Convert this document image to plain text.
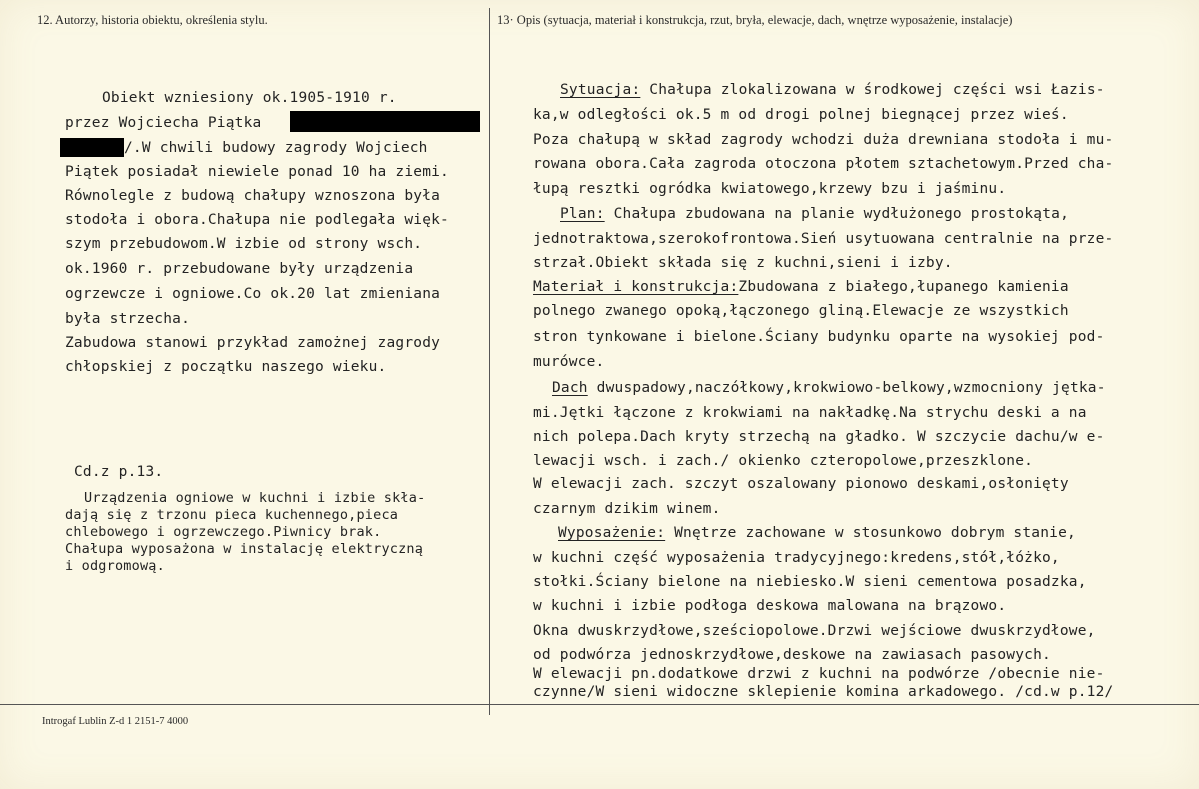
12. Autorzy, historia obiektu, określenia stylu.	13· Opis (sytuacja, materiał i konstrukcja, rzut, bryła, elewacje, dach, wnętrze wyposażenie, instalacje)
Obiekt wzniesiony ok.1905-1910 r.
przez Wojciecha Piątka
/.W chwili budowy zagrody Wojciech
Piątek posiadał niewiele ponad 10 ha ziemi.
Równolegle z budową chałupy wznoszona była
stodoła i obora.Chałupa nie podlegała więk-
szym przebudowom.W izbie od strony wsch.
ok.1960 r. przebudowane były urządzenia
ogrzewcze i ogniowe.Co ok.20 lat zmieniana
była strzecha.
Zabudowa stanowi przykład zamożnej zagrody
chłopskiej z początku naszego wieku.
Cd.z p.13.
Urządzenia ogniowe w kuchni i izbie skła-
dają się z trzonu pieca kuchennego,pieca
chlebowego i ogrzewczego.Piwnicy brak.
Chałupa wyposażona w instalację elektryczną
i odgromową.
Sytuacja: Chałupa zlokalizowana w środkowej części wsi Łazis-
ka,w odległości ok.5 m od drogi polnej biegnącej przez wieś.
Poza chałupą w skład zagrody wchodzi duża drewniana stodoła i mu-
rowana obora.Cała zagroda otoczona płotem sztachetowym.Przed cha-
łupą resztki ogródka kwiatowego,krzewy bzu i jaśminu.
Plan: Chałupa zbudowana na planie wydłużonego prostokąta,
jednotraktowa,szerokofrontowa.Sień usytuowana centralnie na prze-
strzał.Obiekt składa się z kuchni,sieni i izby.
Materiał i konstrukcja:Zbudowana z białego,łupanego kamienia
polnego zwanego opoką,łączonego gliną.Elewacje ze wszystkich
stron tynkowane i bielone.Ściany budynku oparte na wysokiej pod-
murówce.
Dach dwuspadowy,naczółkowy,krokwiowo-belkowy,wzmocniony jętka-
mi.Jętki łączone z krokwiami na nakładkę.Na strychu deski a na
nich polepa.Dach kryty strzechą na gładko. W szczycie dachu/w e-
lewacji wsch. i zach./ okienko czteropolowe,przeszklone.
W elewacji zach. szczyt oszalowany pionowo deskami,osłonięty
czarnym dzikim winem.
Wyposażenie: Wnętrze zachowane w stosunkowo dobrym stanie,
w kuchni część wyposażenia tradycyjnego:kredens,stół,łóżko,
stołki.Ściany bielone na niebiesko.W sieni cementowa posadzka,
w kuchni i izbie podłoga deskowa malowana na brązowo.
Okna dwuskrzydłowe,sześciopolowe.Drzwi wejściowe dwuskrzydłowe,
od podwórza jednoskrzydłowe,deskowe na zawiasach pasowych.
W elewacji pn.dodatkowe drzwi z kuchni na podwórze /obecnie nie-
czynne/W sieni widoczne sklepienie komina arkadowego. /cd.w p.12/
Introgaf Lublin Z-d 1 2151-7 4000
